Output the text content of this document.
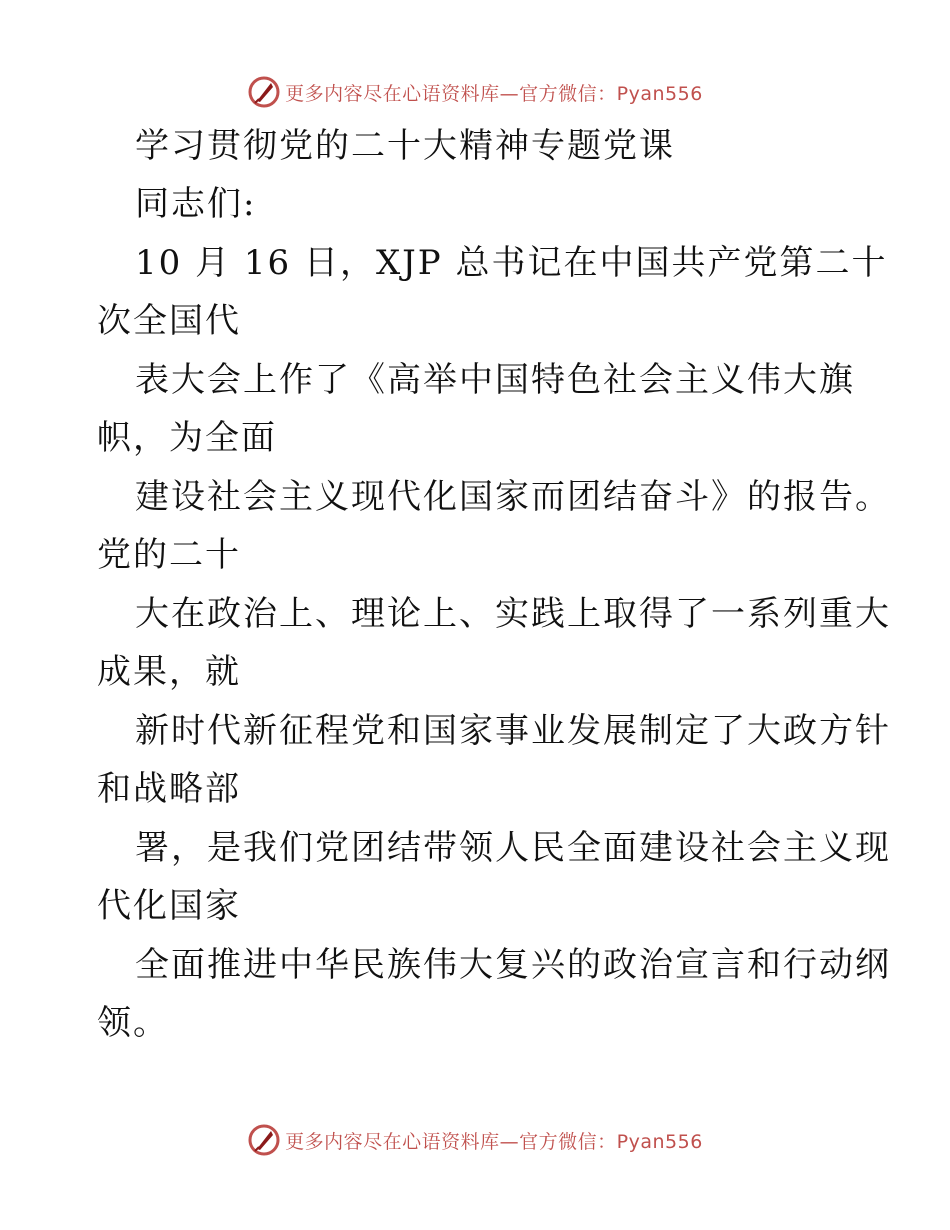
更多内容尽在心语资料库—官方微信：Pyan556
学习贯彻党的二十大精神专题党课
同志们:
10 月 16 日，XJP 总书记在中国共产党第二十
次全国代
表大会上作了《高举中国特色社会主义伟大旗
帜，为全面
建设社会主义现代化国家而团结奋斗》的报告。
党的二十
大在政治上、理论上、实践上取得了一系列重大
成果，就
新时代新征程党和国家事业发展制定了大政方针
和战略部
署，是我们党团结带领人民全面建设社会主义现
代化国家
全面推进中华民族伟大复兴的政治宣言和行动纲
领。
更多内容尽在心语资料库—官方微信：Pyan556
